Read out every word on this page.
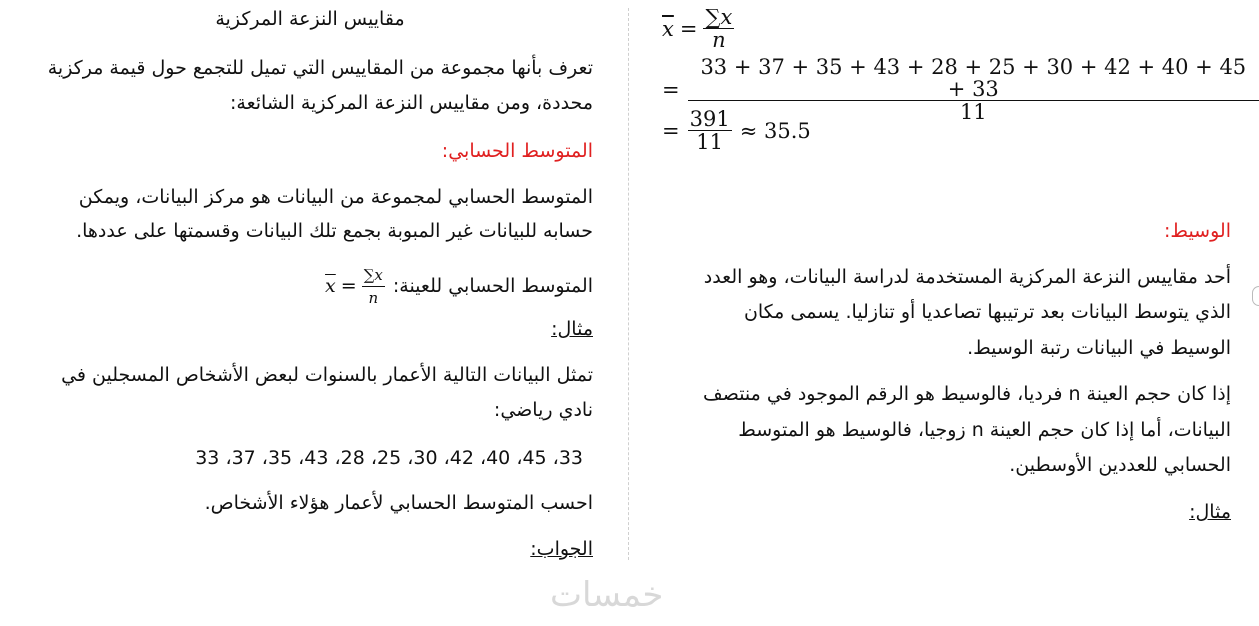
مقاييس النزعة المركزية
تعرف بأنها مجموعة من المقاييس التي تميل للتجمع حول قيمة مركزية
محددة، ومن مقاييس النزعة المركزية الشائعة:
المتوسط الحسابي:
المتوسط الحسابي لمجموعة من البيانات هو مركز البيانات، ويمكن
حسابه للبيانات غير المبوبة بجمع تلك البيانات وقسمتها على عددها.
المتوسط الحسابي للعينة:
$\overline{x} = \frac{\sum x}{n}$
مثال:
تمثل البيانات التالية الأعمار بالسنوات لبعض الأشخاص المسجلين في
نادي رياضي:
33، 45، 40، 42، 30، 25، 28، 43، 35، 37، 33
احسب المتوسط الحسابي لأعمار هؤلاء الأشخاص.
الجواب:
$\overline{x} = \frac{\sum x}{n}$
= $\frac{33 + 37 + 35 + 43 + 28 + 25 + 30 + 42 + 40 + 45 + 33}{11}$
= $\frac{391}{11} \approx 35.5$
الوسيط:
أحد مقاييس النزعة المركزية المستخدمة لدراسة البيانات، وهو العدد
الذي يتوسط البيانات بعد ترتيبها تصاعديا أو تنازليا. يسمى مكان
الوسيط في البيانات رتبة الوسيط.
إذا كان حجم العينة n فرديا، فالوسيط هو الرقم الموجود في منتصف
البيانات، أما إذا كان حجم العينة n زوجيا، فالوسيط هو المتوسط
الحسابي للعددين الأوسطين.
مثال:
خمسات
